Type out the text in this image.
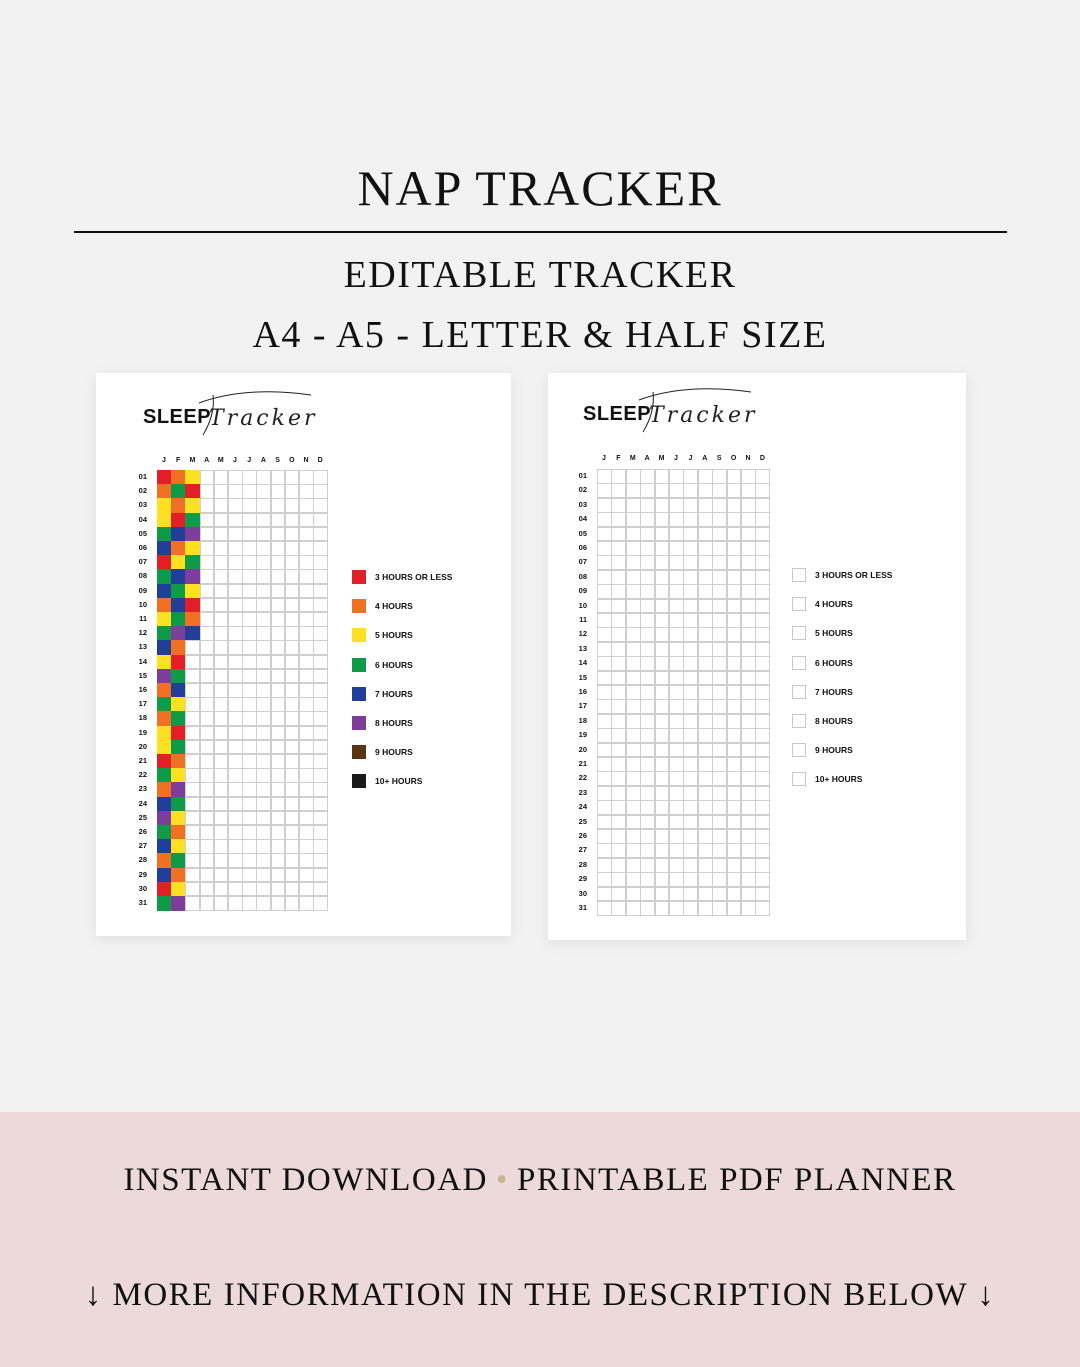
NAP TRACKER
EDITABLE TRACKER
A4 - A5 - LETTER & HALF SIZE
SLEEP
Tracker
J	F	M	A	M	J	J	A	S	O	N	D
01
02
03
04
05
06
07
08
09
10
11
12
13
14
15
16
17
18
19
20
21
22
23
24
25
26
27
28
29
30
31
3 HOURS OR LESS
4 HOURS
5 HOURS
6 HOURS
7 HOURS
8 HOURS
9 HOURS
10+ HOURS
SLEEP
Tracker
J	F	M	A	M	J	J	A	S	O	N	D
01
02
03
04
05
06
07
08
09
10
11
12
13
14
15
16
17
18
19
20
21
22
23
24
25
26
27
28
29
30
31
3 HOURS OR LESS
4 HOURS
5 HOURS
6 HOURS
7 HOURS
8 HOURS
9 HOURS
10+ HOURS
INSTANT DOWNLOAD • PRINTABLE PDF PLANNER
↓ MORE INFORMATION IN THE DESCRIPTION BELOW ↓
